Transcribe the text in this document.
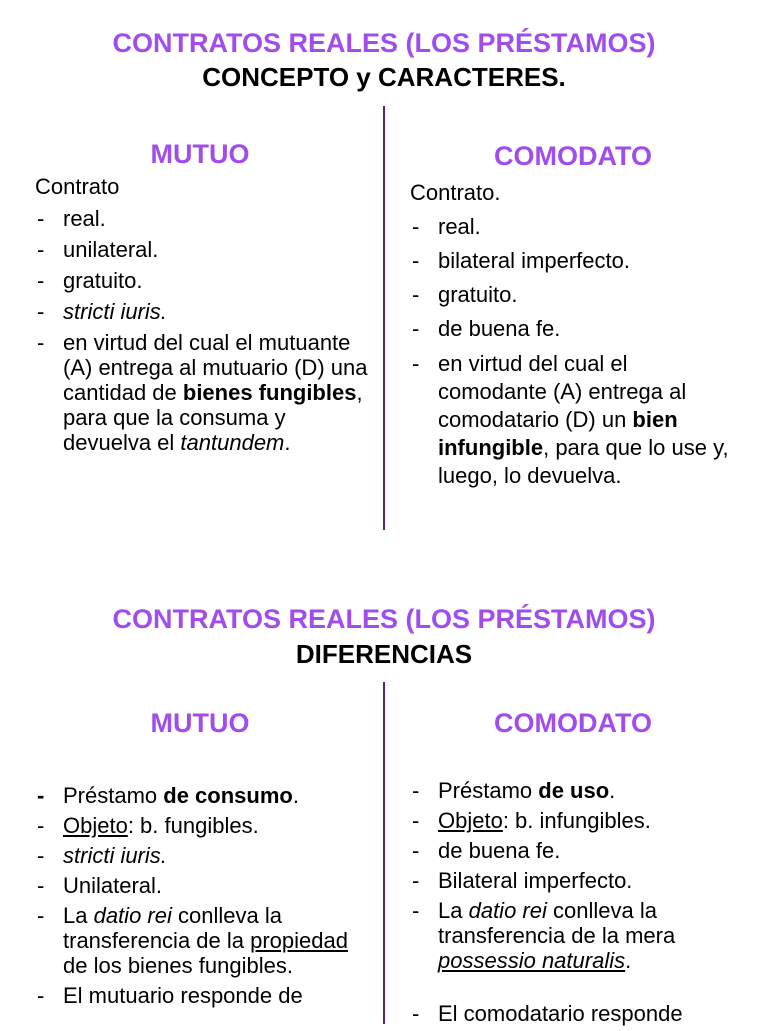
CONTRATOS REALES (LOS PRÉSTAMOS)
CONCEPTO y CARACTERES.
MUTUO	COMODATO
Contrato
- real.
- unilateral.
- gratuito.
- stricti iuris.
- en virtud del cual el mutuante (A) entrega al mutuario (D) una cantidad de bienes fungibles, para que la consuma y devuelva el tantundem.
Contrato.
- real.
- bilateral imperfecto.
- gratuito.
- de buena fe.
- en virtud del cual el comodante (A) entrega al comodatario (D) un bien infungible, para que lo use y, luego, lo devuelva.
CONTRATOS REALES (LOS PRÉSTAMOS)
DIFERENCIAS
MUTUO	COMODATO
- Préstamo de consumo.
- Objeto: b. fungibles.
- stricti iuris.
- Unilateral.
- La datio rei conlleva la transferencia de la propiedad de los bienes fungibles.
- El mutuario responde de
- Préstamo de uso.
- Objeto: b. infungibles.
- de buena fe.
- Bilateral imperfecto.
- La datio rei conlleva la transferencia de la mera possessio naturalis.
- El comodatario responde
